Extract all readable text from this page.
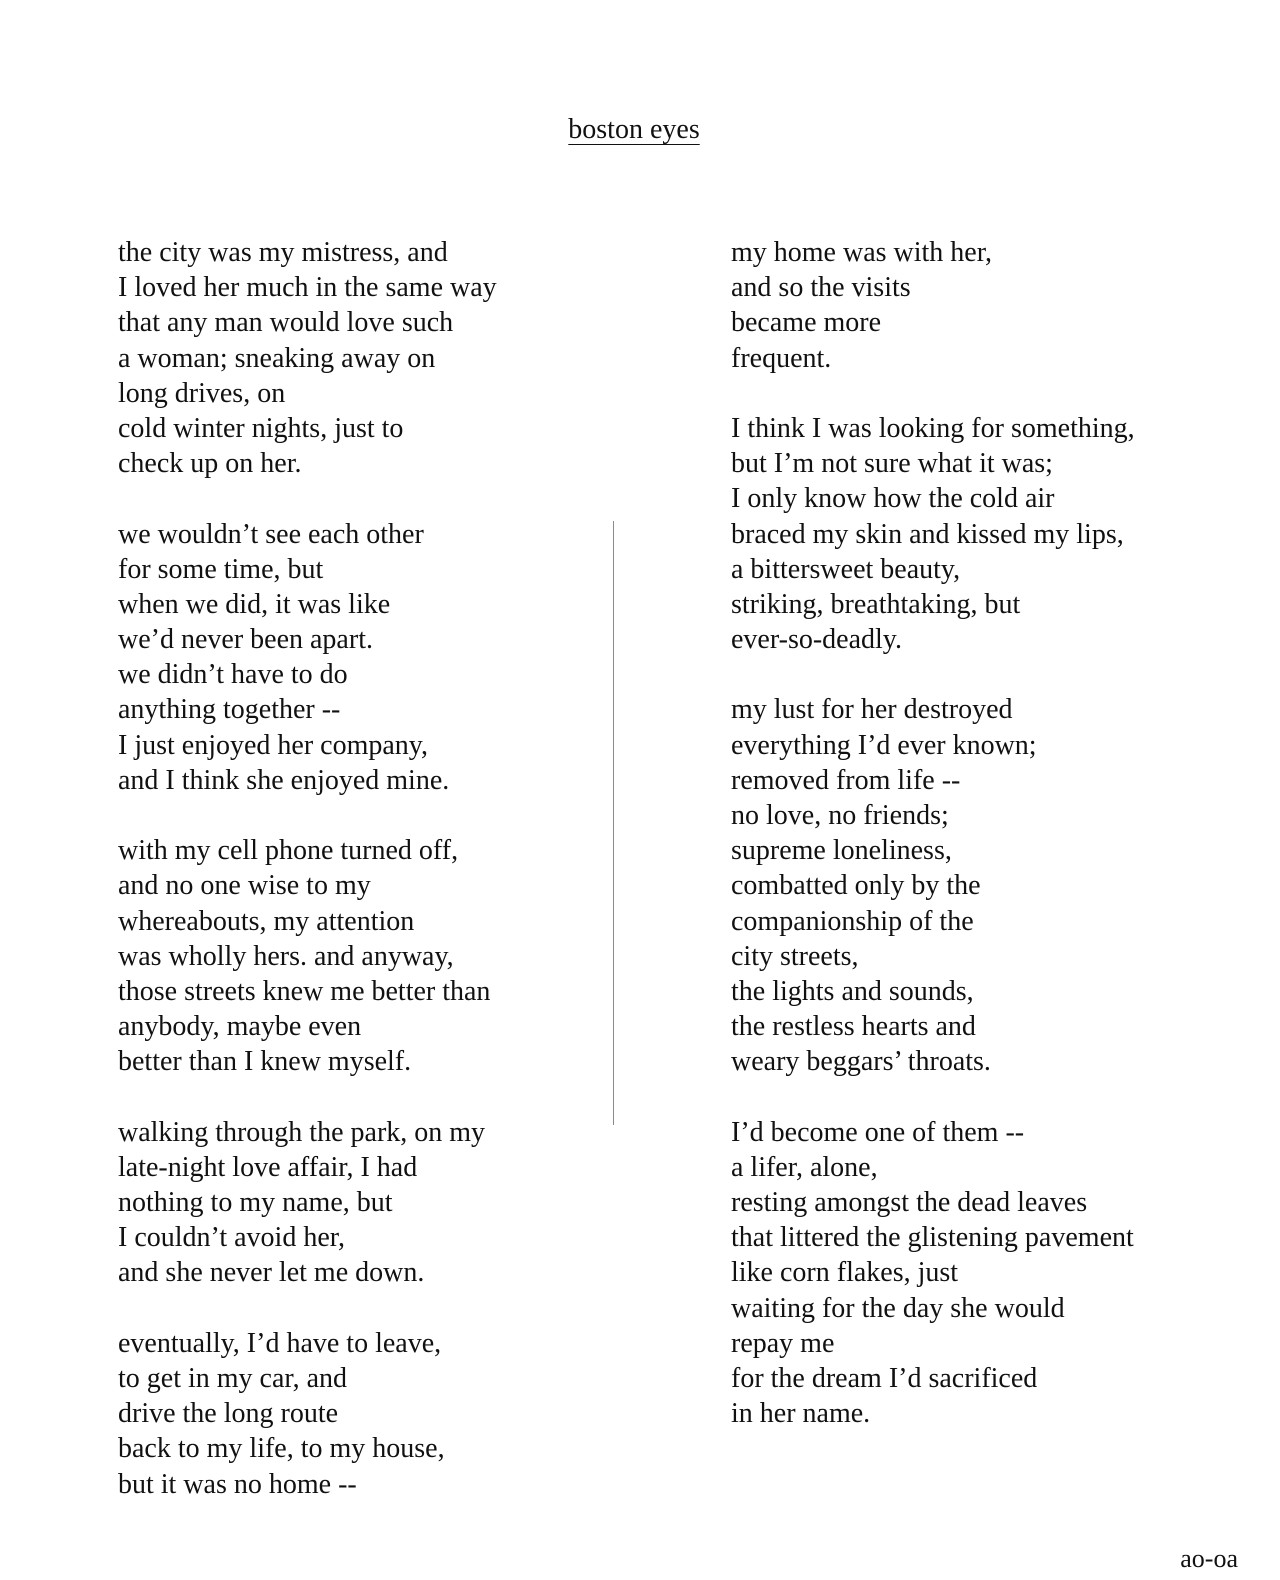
boston eyes
the city was my mistress, and
I loved her much in the same way
that any man would love such
a woman; sneaking away on
long drives, on
cold winter nights, just to
check up on her.
we wouldn’t see each other
for some time, but
when we did, it was like
we’d never been apart.
we didn’t have to do
anything together --
I just enjoyed her company,
and I think she enjoyed mine.
with my cell phone turned off,
and no one wise to my
whereabouts, my attention
was wholly hers. and anyway,
those streets knew me better than
anybody, maybe even
better than I knew myself.
walking through the park, on my
late-night love affair, I had
nothing to my name, but
I couldn’t avoid her,
and she never let me down.
eventually, I’d have to leave,
to get in my car, and
drive the long route
back to my life, to my house,
but it was no home --
my home was with her,
and so the visits
became more
frequent.
I think I was looking for something,
but I’m not sure what it was;
I only know how the cold air
braced my skin and kissed my lips,
a bittersweet beauty,
striking, breathtaking, but
ever-so-deadly.
my lust for her destroyed
everything I’d ever known;
removed from life --
no love, no friends;
supreme loneliness,
combatted only by the
companionship of the
city streets,
the lights and sounds,
the restless hearts and
weary beggars’ throats.
I’d become one of them --
a lifer, alone,
resting amongst the dead leaves
that littered the glistening pavement
like corn flakes, just
waiting for the day she would
repay me
for the dream I’d sacrificed
in her name.
ao-oa
